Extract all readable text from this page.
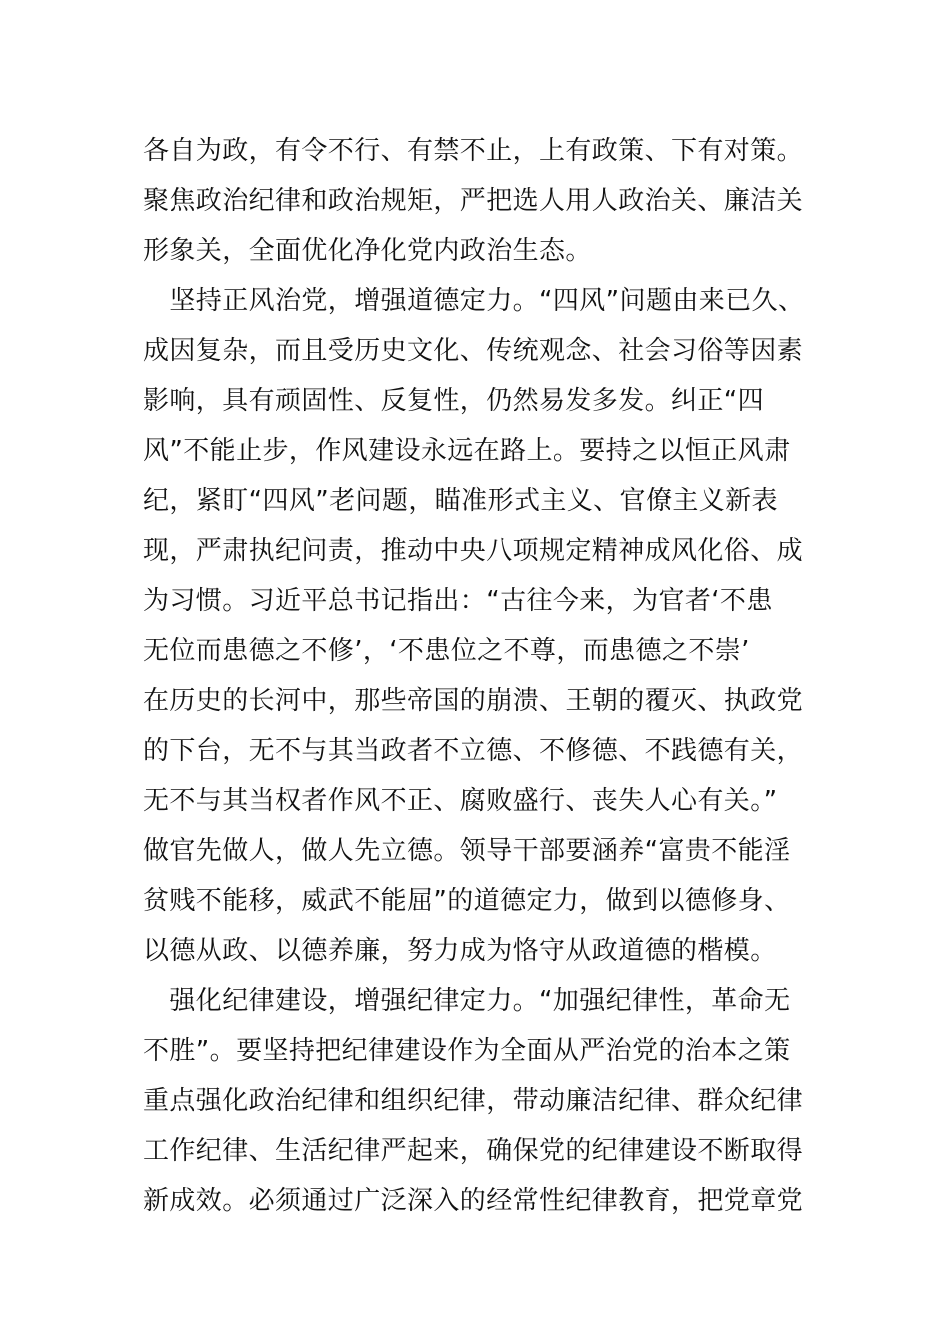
各自为政，有令不行、有禁不止，上有政策、下有对策。
聚焦政治纪律和政治规矩，严把选人用人政治关、廉洁关
形象关，全面优化净化党内政治生态。
　坚持正风治党，增强道德定力。“四风”问题由来已久、
成因复杂，而且受历史文化、传统观念、社会习俗等因素
影响，具有顽固性、反复性，仍然易发多发。纠正“四
风”不能止步，作风建设永远在路上。要持之以恒正风肃
纪，紧盯“四风”老问题，瞄准形式主义、官僚主义新表
现，严肃执纪问责，推动中央八项规定精神成风化俗、成
为习惯。习近平总书记指出：“古往今来，为官者‘不患
无位而患德之不修’，‘不患位之不尊，而患德之不崇’
在历史的长河中，那些帝国的崩溃、王朝的覆灭、执政党
的下台，无不与其当政者不立德、不修德、不践德有关，
无不与其当权者作风不正、腐败盛行、丧失人心有关。”
做官先做人，做人先立德。领导干部要涵养“富贵不能淫
贫贱不能移，威武不能屈”的道德定力，做到以德修身、
以德从政、以德养廉，努力成为恪守从政道德的楷模。
　强化纪律建设，增强纪律定力。“加强纪律性，革命无
不胜”。要坚持把纪律建设作为全面从严治党的治本之策
重点强化政治纪律和组织纪律，带动廉洁纪律、群众纪律
工作纪律、生活纪律严起来，确保党的纪律建设不断取得
新成效。必须通过广泛深入的经常性纪律教育，把党章党
